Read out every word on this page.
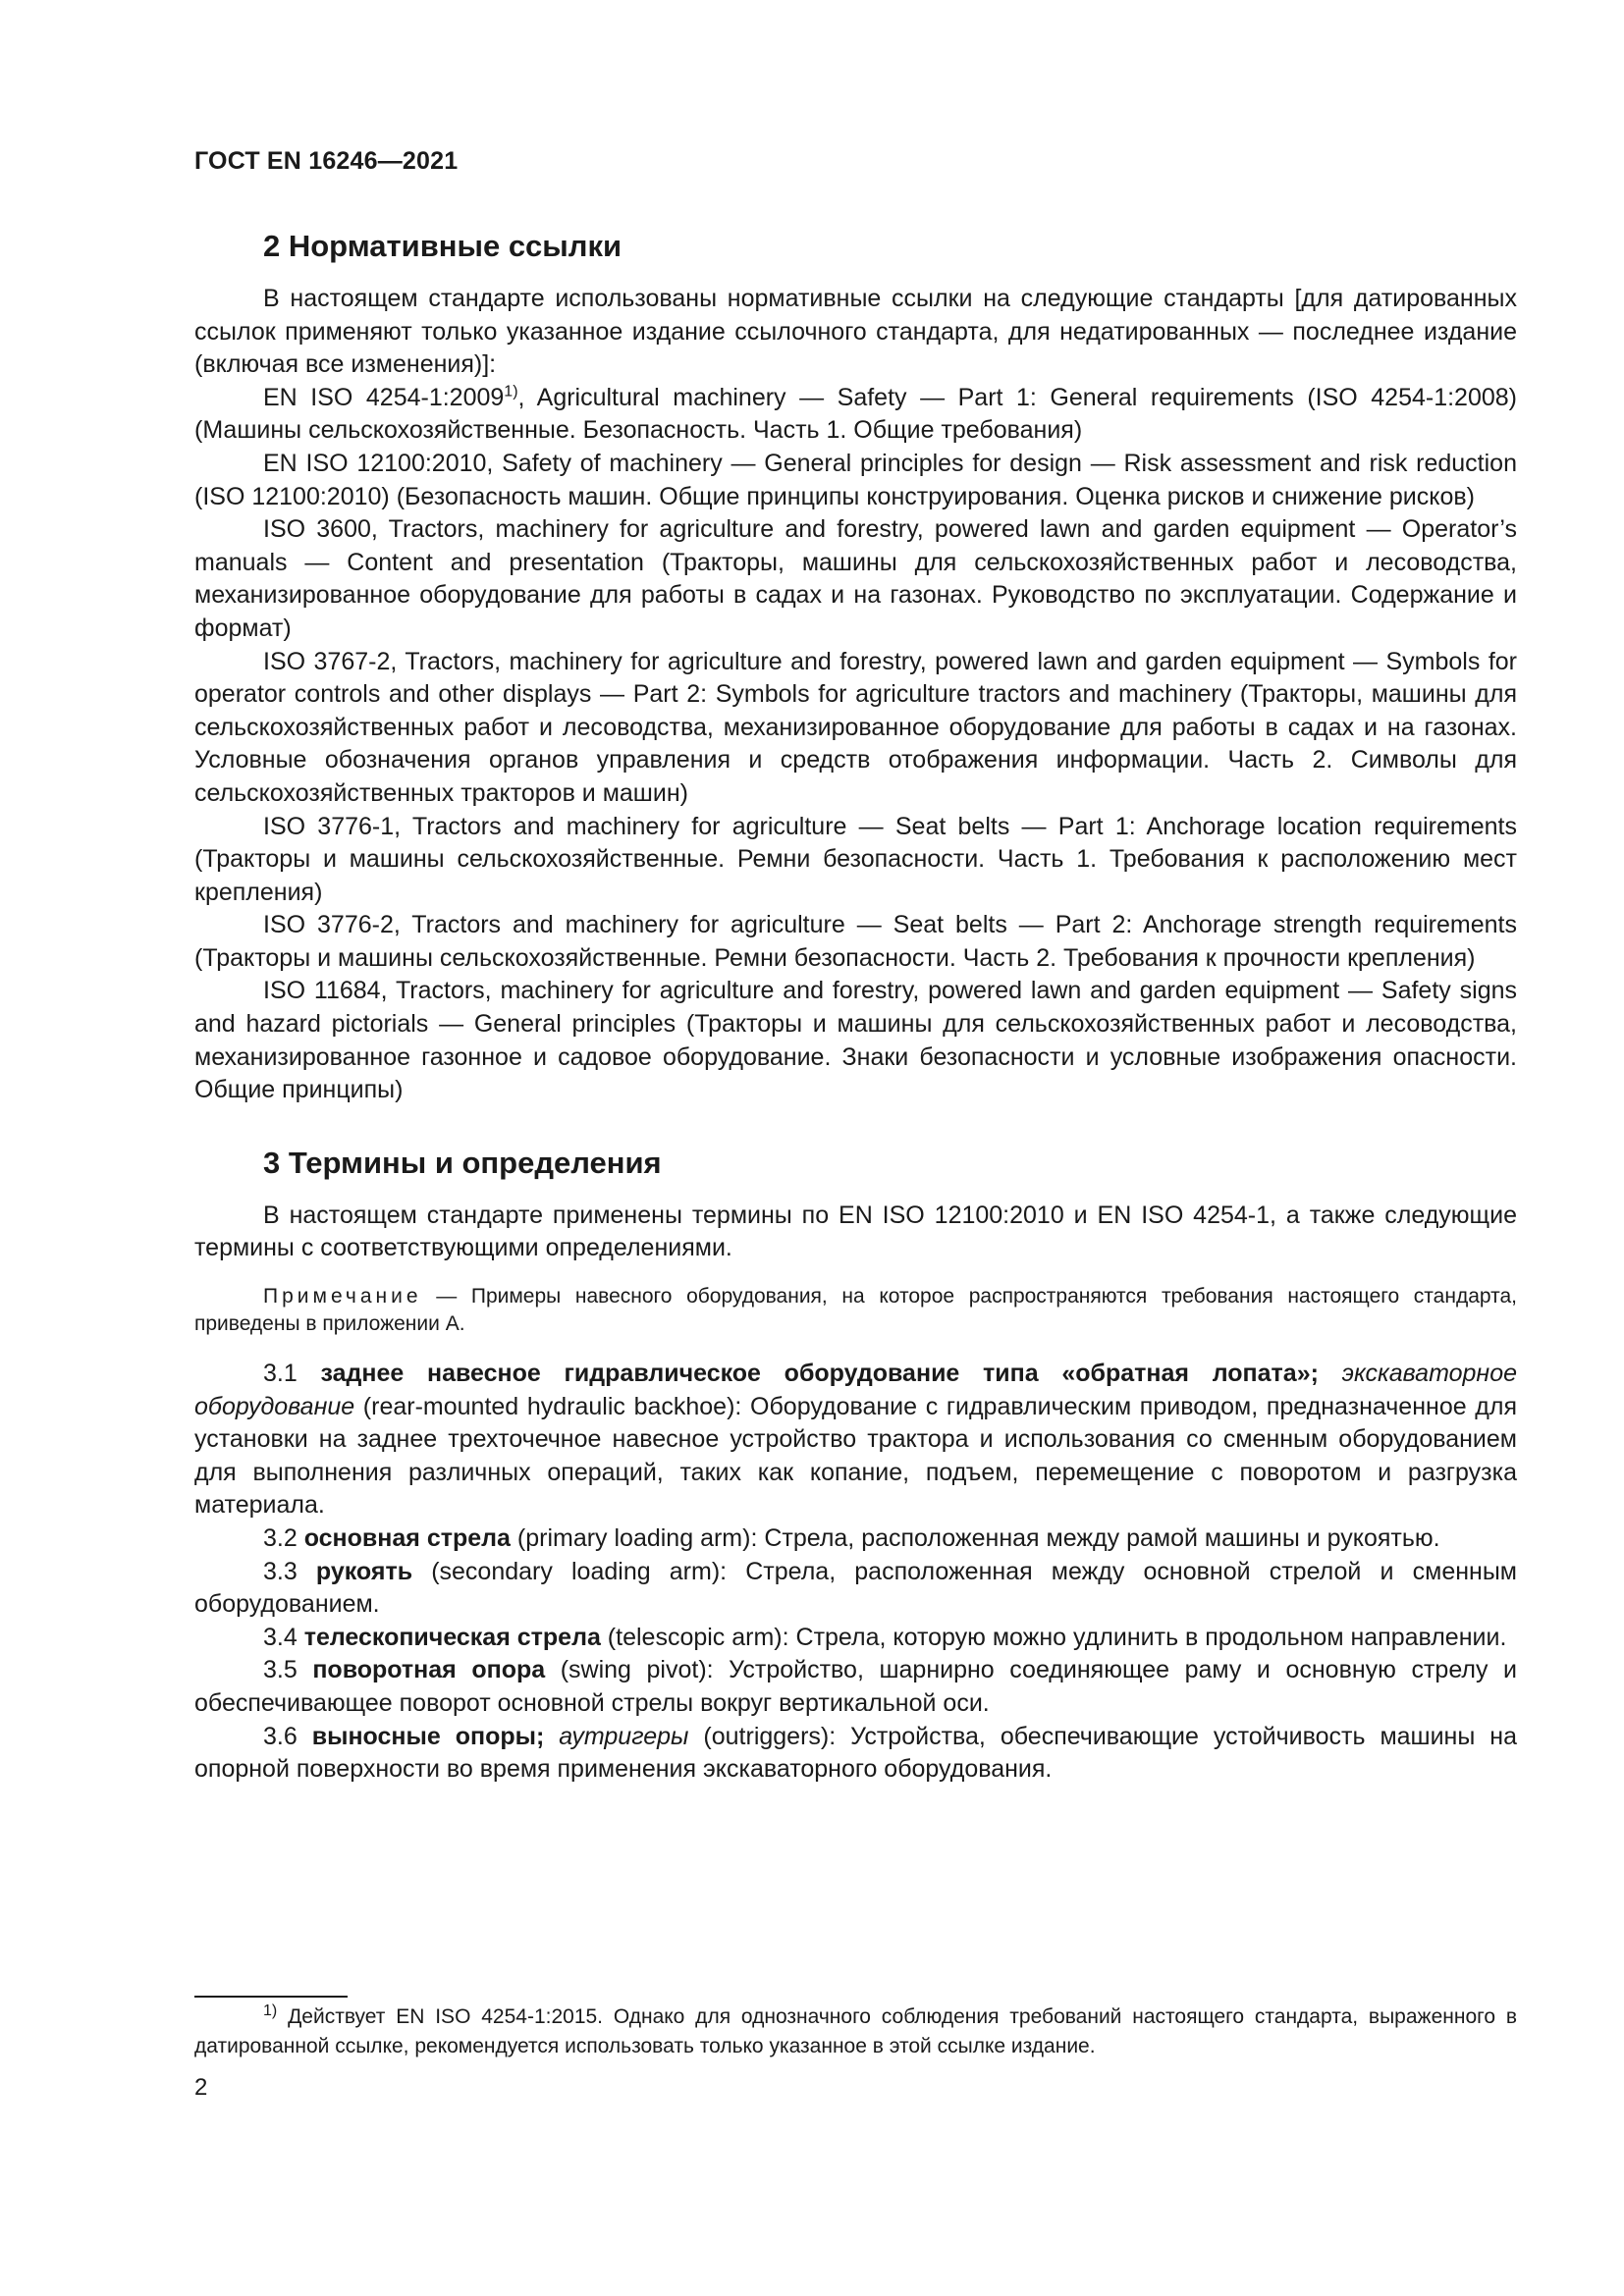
ГОСТ EN 16246—2021
2 Нормативные ссылки

В настоящем стандарте использованы нормативные ссылки на следующие стандарты [для датированных ссылок применяют только указанное издание ссылочного стандарта, для недатированных — последнее издание (включая все изменения)]:

EN ISO 4254-1:2009$^{1)}$, Agricultural machinery — Safety — Part 1: General requirements (ISO 4254-1:2008) (Машины сельскохозяйственные. Безопасность. Часть 1. Общие требования)

EN ISO 12100:2010, Safety of machinery — General principles for design — Risk assessment and risk reduction (ISO 12100:2010) (Безопасность машин. Общие принципы конструирования. Оценка рисков и снижение рисков)

ISO 3600, Tractors, machinery for agriculture and forestry, powered lawn and garden equipment — Operator’s manuals — Content and presentation (Тракторы, машины для сельскохозяйственных работ и лесоводства, механизированное оборудование для работы в садах и на газонах. Руководство по эксплуатации. Содержание и формат)

ISO 3767-2, Tractors, machinery for agriculture and forestry, powered lawn and garden equipment — Symbols for operator controls and other displays — Part 2: Symbols for agriculture tractors and machinery (Тракторы, машины для сельскохозяйственных работ и лесоводства, механизированное оборудование для работы в садах и на газонах. Условные обозначения органов управления и средств отображения информации. Часть 2. Символы для сельскохозяйственных тракторов и машин)

ISO 3776-1, Tractors and machinery for agriculture — Seat belts — Part 1: Anchorage location requirements (Тракторы и машины сельскохозяйственные. Ремни безопасности. Часть 1. Требования к расположению мест крепления)

ISO 3776-2, Tractors and machinery for agriculture — Seat belts — Part 2: Anchorage strength requirements (Тракторы и машины сельскохозяйственные. Ремни безопасности. Часть 2. Требования к прочности крепления)

ISO 11684, Tractors, machinery for agriculture and forestry, powered lawn and garden equipment — Safety signs and hazard pictorials — General principles (Тракторы и машины для сельскохозяйственных работ и лесоводства, механизированное газонное и садовое оборудование. Знаки безопасности и условные изображения опасности. Общие принципы)

3 Термины и определения

В настоящем стандарте применены термины по EN ISO 12100:2010 и EN ISO 4254-1, а также следующие термины с соответствующими определениями.

Примечание — Примеры навесного оборудования, на которое распространяются требования настоящего стандарта, приведены в приложении А.

3.1 заднее навесное гидравлическое оборудование типа «обратная лопата»; экскаваторное оборудование (rear-mounted hydraulic backhoe): Оборудование с гидравлическим приводом, предназначенное для установки на заднее трехточечное навесное устройство трактора и использования со сменным оборудованием для выполнения различных операций, таких как копание, подъем, перемещение с поворотом и разгрузка материала.

3.2 основная стрела (primary loading arm): Стрела, расположенная между рамой машины и рукоятью.

3.3 рукоять (secondary loading arm): Стрела, расположенная между основной стрелой и сменным оборудованием.

3.4 телескопическая стрела (telescopic arm): Стрела, которую можно удлинить в продольном направлении.

3.5 поворотная опора (swing pivot): Устройство, шарнирно соединяющее раму и основную стрелу и обеспечивающее поворот основной стрелы вокруг вертикальной оси.

3.6 выносные опоры; аутригеры (outriggers): Устройства, обеспечивающие устойчивость машины на опорной поверхности во время применения экскаваторного оборудования.

$^{1)}$ Действует EN ISO 4254-1:2015. Однако для однозначного соблюдения требований настоящего стандарта, выраженного в датированной ссылке, рекомендуется использовать только указанное в этой ссылке издание.

2
